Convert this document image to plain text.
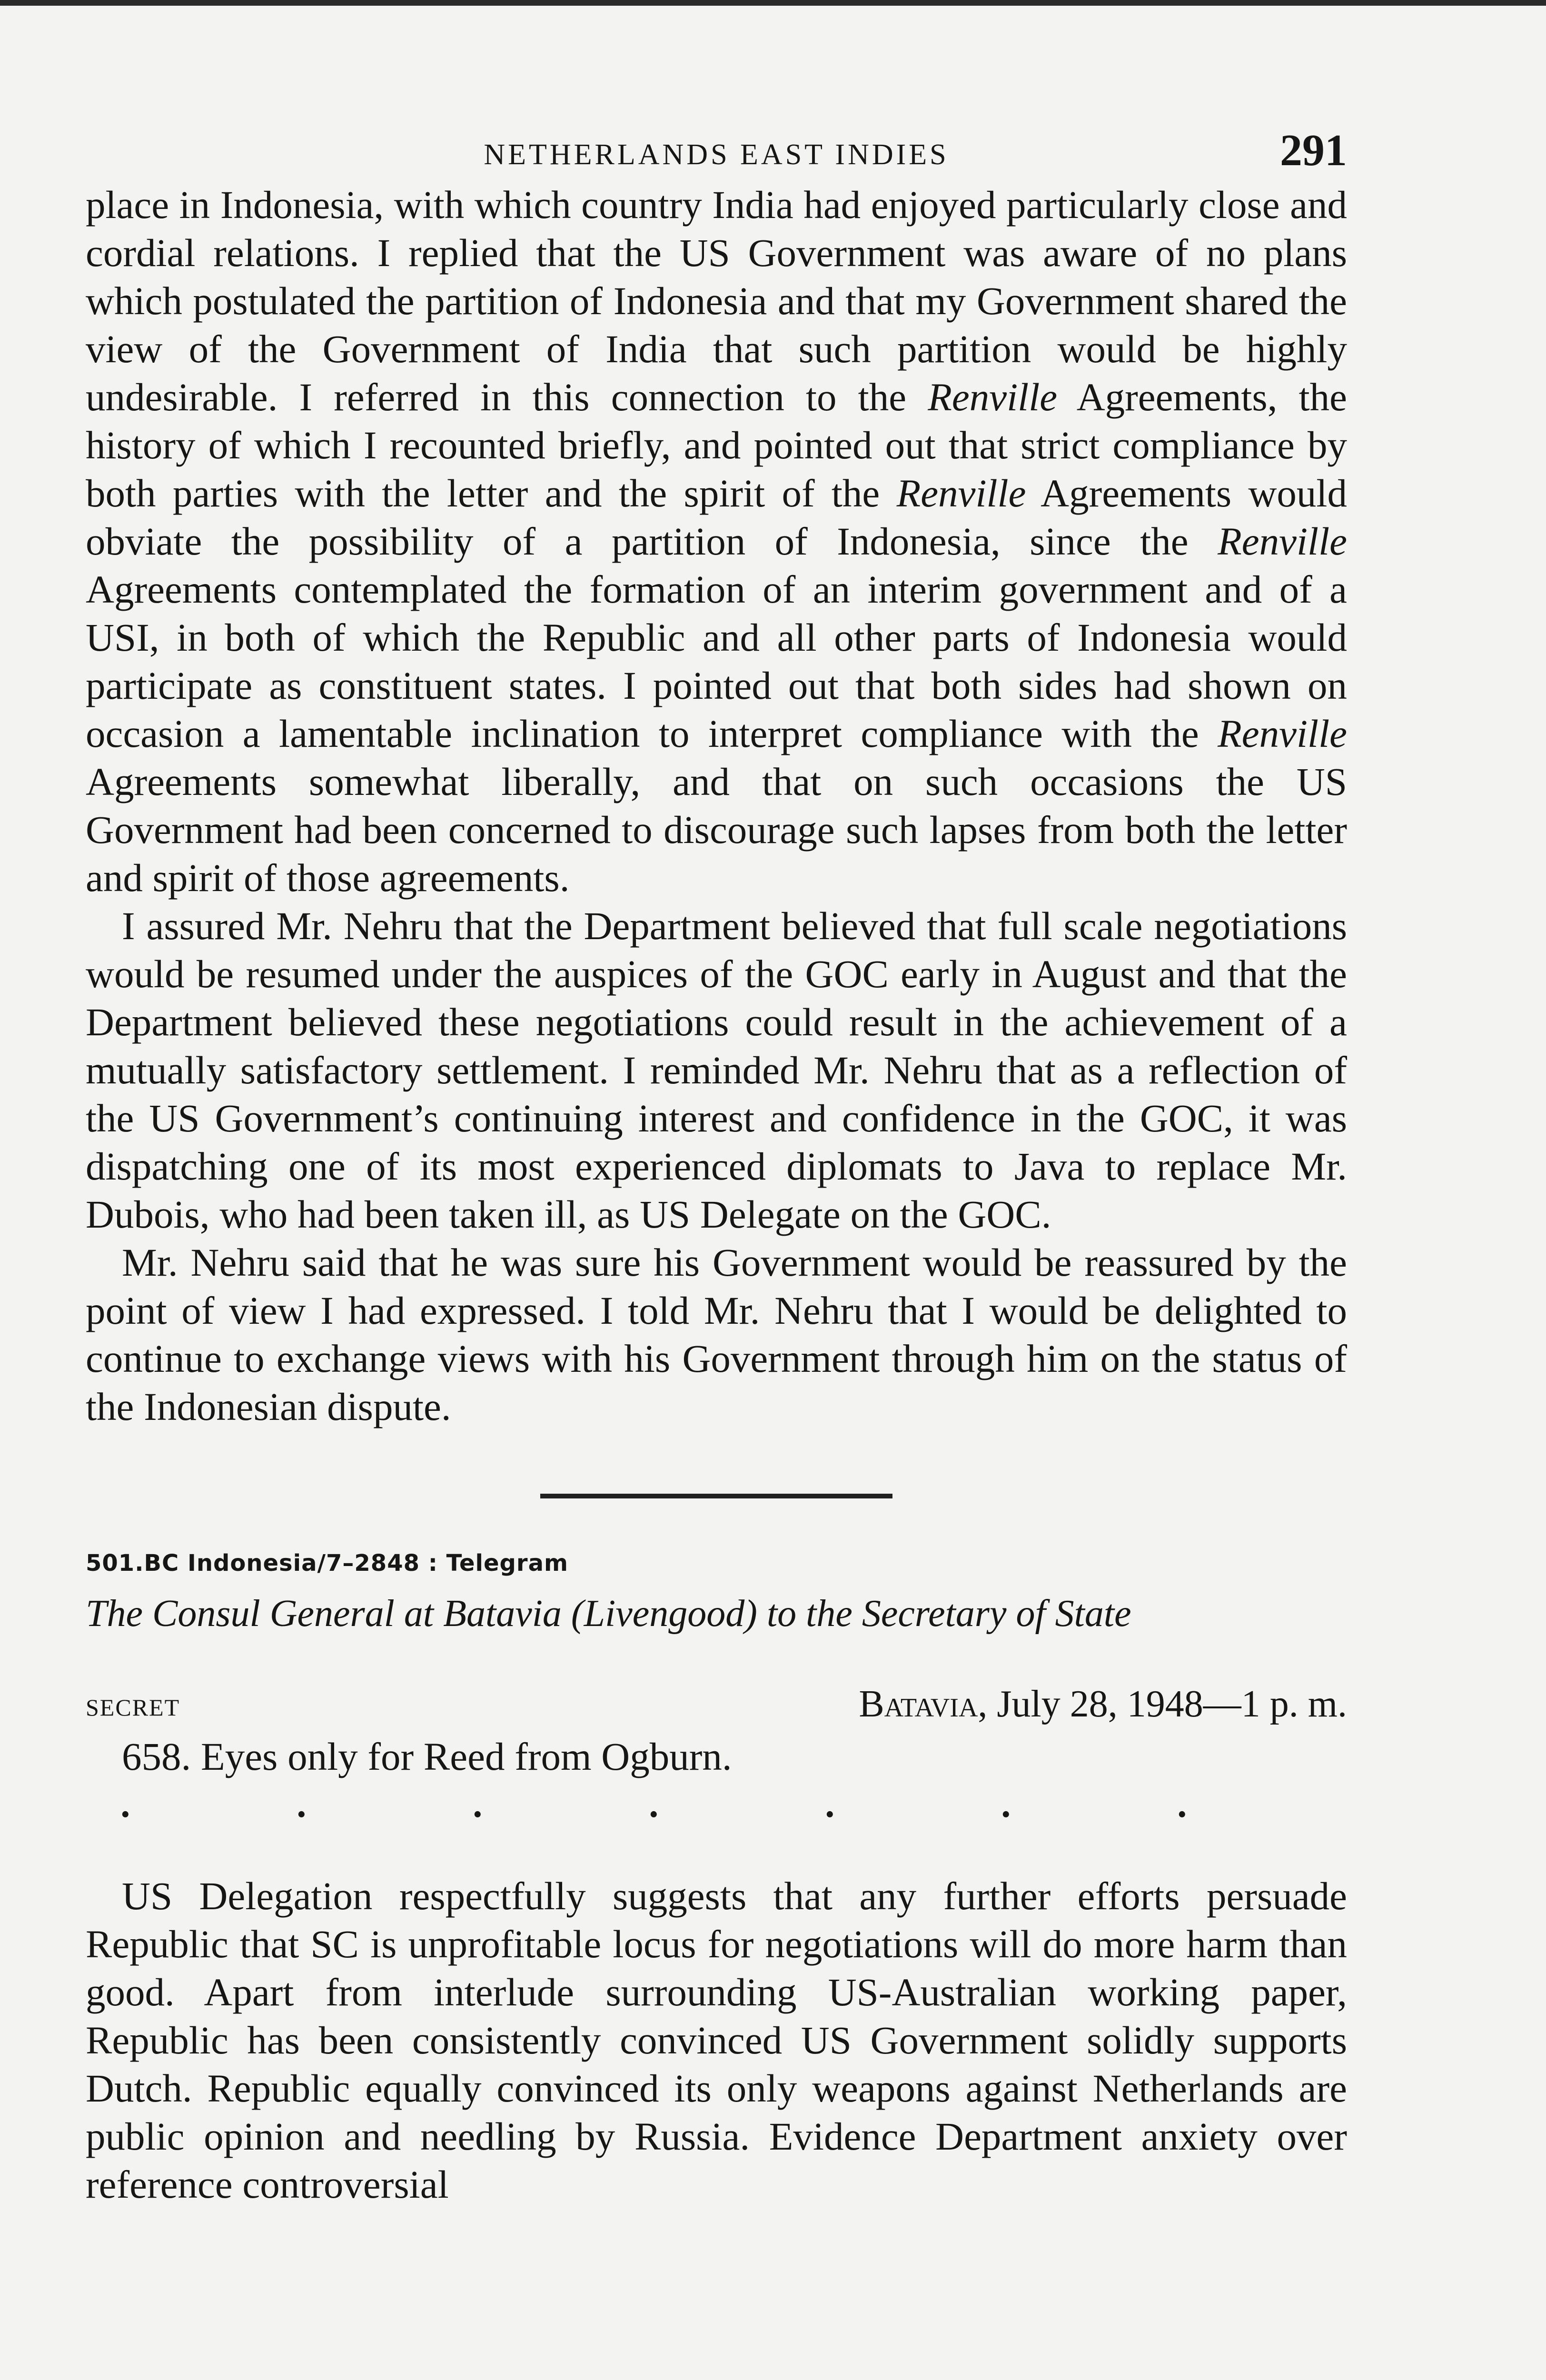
NETHERLANDS EAST INDIES	291

place in Indonesia, with which country India had enjoyed particularly close and cordial relations. I replied that the US Government was aware of no plans which postulated the partition of Indonesia and that my Government shared the view of the Government of India that such partition would be highly undesirable. I referred in this connection to the Renville Agreements, the history of which I recounted briefly, and pointed out that strict compliance by both parties with the letter and the spirit of the Renville Agreements would obviate the possibility of a partition of Indonesia, since the Renville Agreements contemplated the formation of an interim government and of a USI, in both of which the Republic and all other parts of Indonesia would participate as constituent states. I pointed out that both sides had shown on occasion a lamentable inclination to interpret compliance with the Renville Agreements somewhat liberally, and that on such occasions the US Government had been concerned to discourage such lapses from both the letter and spirit of those agreements.

I assured Mr. Nehru that the Department believed that full scale negotiations would be resumed under the auspices of the GOC early in August and that the Department believed these negotiations could result in the achievement of a mutually satisfactory settlement. I reminded Mr. Nehru that as a reflection of the US Government’s continuing interest and confidence in the GOC, it was dispatching one of its most experienced diplomats to Java to replace Mr. Dubois, who had been taken ill, as US Delegate on the GOC.

Mr. Nehru said that he was sure his Government would be reassured by the point of view I had expressed. I told Mr. Nehru that I would be delighted to continue to exchange views with his Government through him on the status of the Indonesian dispute.

501.BC Indonesia/7–2848 : Telegram
The Consul General at Batavia (Livengood) to the Secretary of State
SECRET	Batavia, July 28, 1948—1 p. m.

658. Eyes only for Reed from Ogburn.

·	·	·	·	·	·	·

US Delegation respectfully suggests that any further efforts persuade Republic that SC is unprofitable locus for negotiations will do more harm than good. Apart from interlude surrounding US-Australian working paper, Republic has been consistently convinced US Government solidly supports Dutch. Republic equally convinced its only weapons against Netherlands are public opinion and needling by Russia. Evidence Department anxiety over reference controversial
